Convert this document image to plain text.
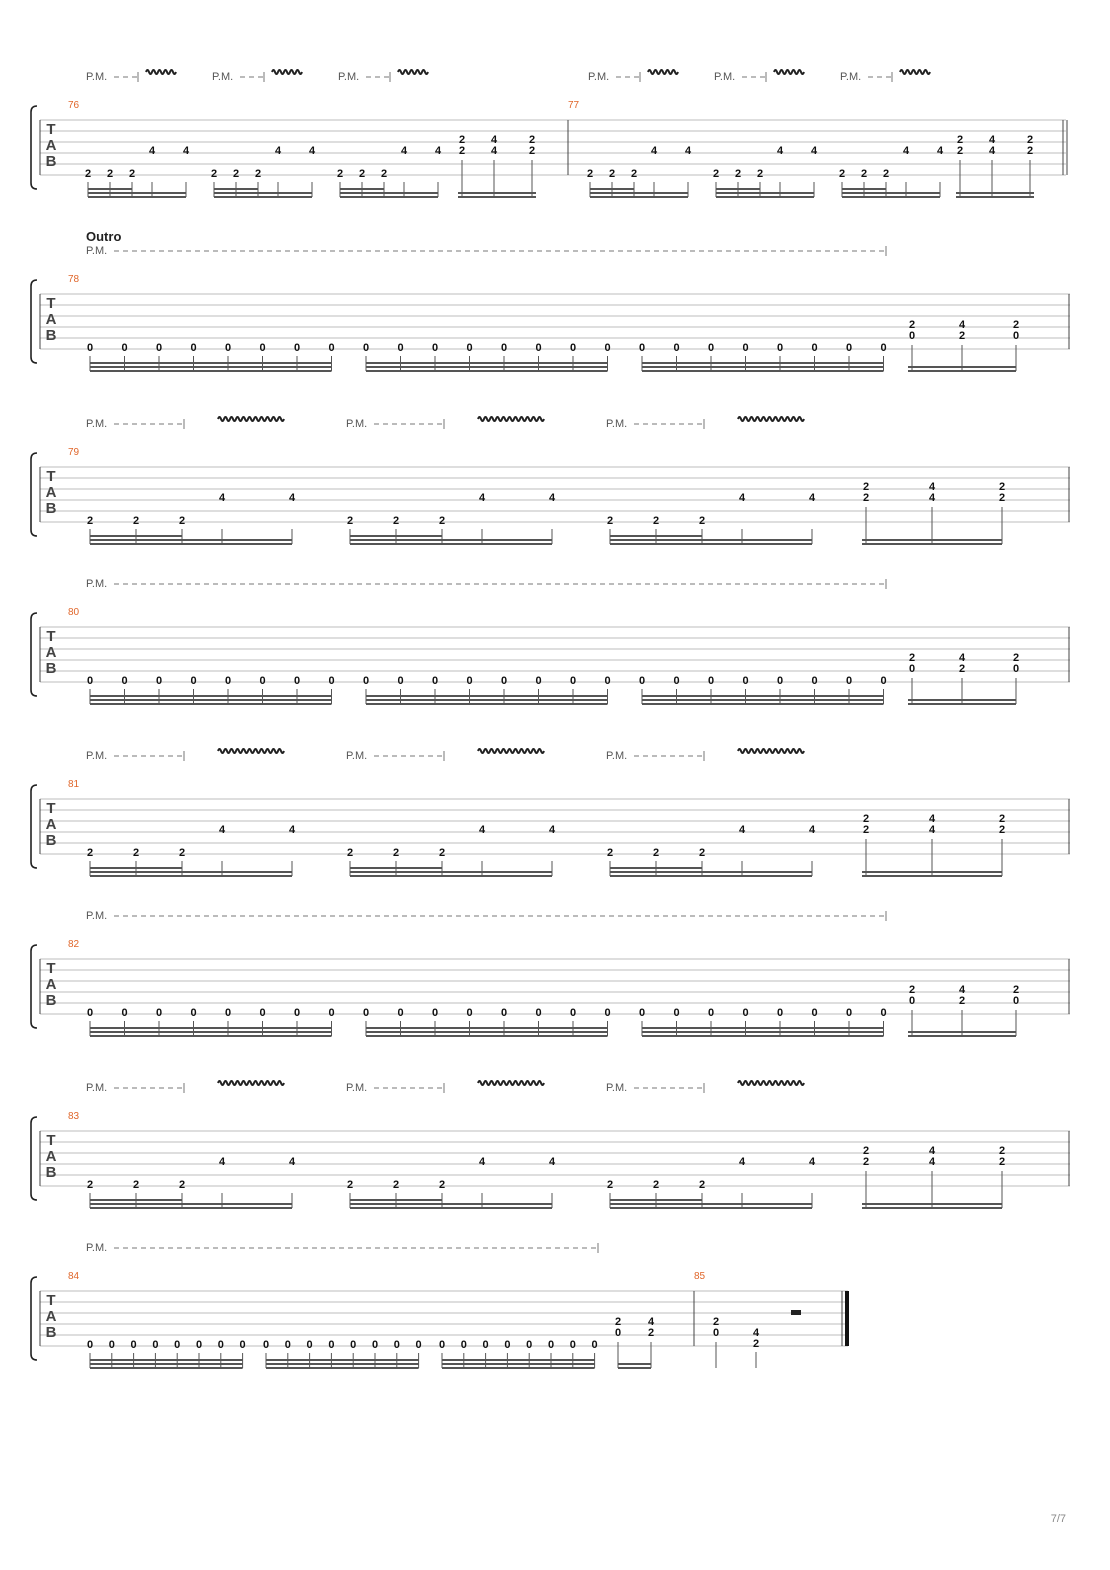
T
A
B
76	77
P.M.
2 2 2
4	4
P.M.
2 2 2
4	4
P.M.
2 2 2
4	4
P.M.
2 2 2
4	4
P.M.
2 2 2
4	4
P.M.
2 2 2
4	4
2
2
4
4
2
2
2
2
4
4
2
2
Outro
T
A
B
78
P.M.
0	0	0	0	0	0	0	0	0	0	0	0	0	0	0	0	0	0	0	0	0	0	0	0
2
0
4
2
2
0
T
A
B
79
P.M.
2	2	2
4	4
P.M.
2	2	2
4	4
P.M.
2	2	2
4	4
2
2
4
4
2
2
T
A
B
80
P.M.
0	0	0	0	0	0	0	0	0	0	0	0	0	0	0	0	0	0	0	0	0	0	0	0
2
0
4
2
2
0
T
A
B
81
P.M.
2	2	2
4	4
P.M.
2	2	2
4	4
P.M.
2	2	2
4	4
2
2
4
4
2
2
T
A
B
82
P.M.
0	0	0	0	0	0	0	0	0	0	0	0	0	0	0	0	0	0	0	0	0	0	0	0
2
0
4
2
2
0
T
A
B
83
P.M.
2	2	2
4	4
P.M.
2	2	2
4	4
P.M.
2	2	2
4	4
2
2
4
4
2
2
T
A
B
84	85
P.M.
0 0 0 0 0 0 0 0 0 0 0 0 0 0 0 0 0 0 0 0 0 0 0 0
2
0
4
2
2
0	4
2
7/7
